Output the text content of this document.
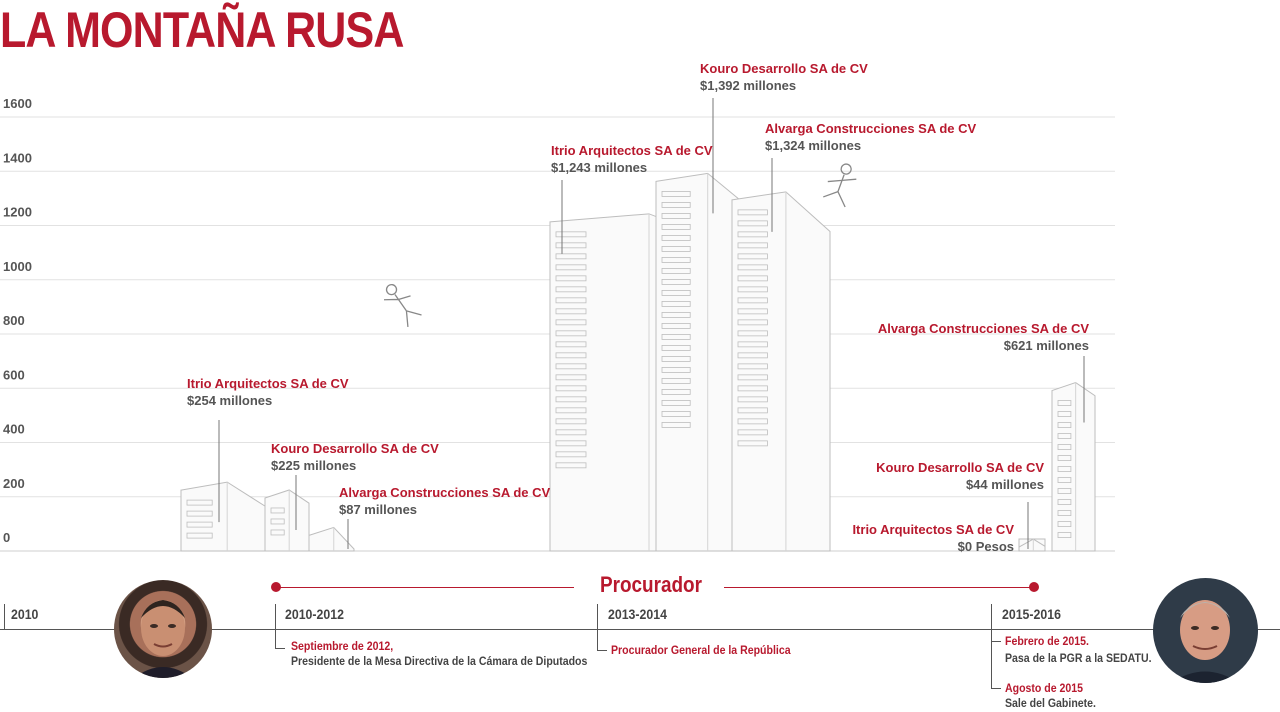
LA MONTAÑA RUSA
1600
1400
1200
1000
800
600
400
200
0
Itrio Arquitectos SA de CV
$254 millones
Kouro Desarrollo SA de CV
$225 millones
Alvarga Construcciones SA de CV
$87 millones
Itrio Arquitectos SA de CV
$1,243 millones
Kouro Desarrollo SA de CV
$1,392 millones
Alvarga Construcciones SA de CV
$1,324 millones
Itrio Arquitectos SA de CV
$0 Pesos
Kouro Desarrollo SA de CV
$44 millones
Alvarga Construcciones SA de CV
$621 millones
Procurador
2010	2010-2012	2013-2014	2015-2016
Septiembre de 2012,
Presidente de la Mesa Directiva de la Cámara de Diputados
Procurador General de la República
Febrero de 2015.
Pasa de la PGR a la SEDATU.
Agosto de 2015
Sale del Gabinete.
